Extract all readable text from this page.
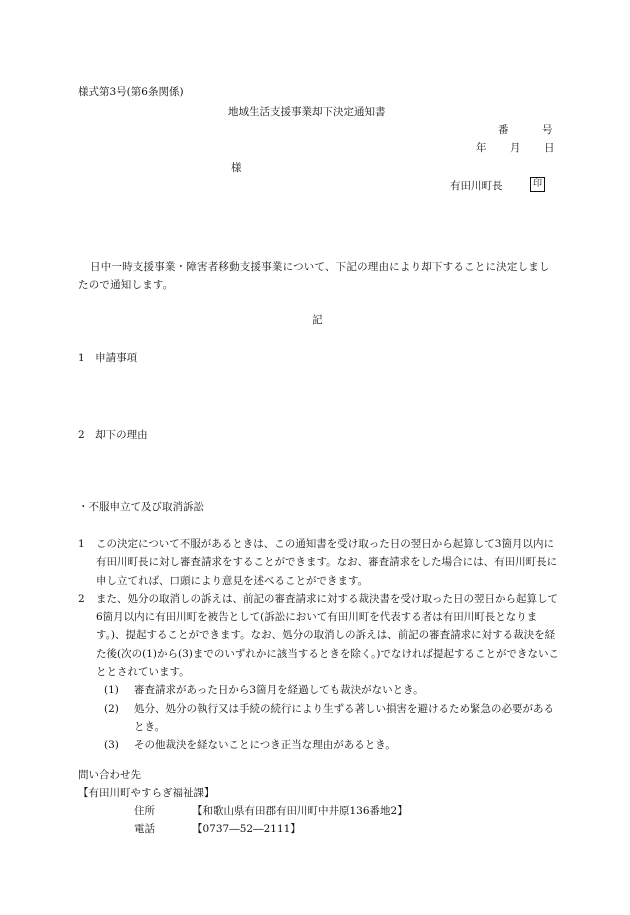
様式第3号(第6条関係)
地域生活支援事業却下決定通知書
番	号
年 月 日
様
有田川町長	印
日中一時支援事業・障害者移動支援事業について、下記の理由により却下することに決定しましたので通知します。
記
1　申請事項
2　却下の理由
・不服申立て及び取消訴訟
1	この決定について不服があるときは、この通知書を受け取った日の翌日から起算して3箇月以内に有田川町長に対し審査請求をすることができます。なお、審査請求をした場合には、有田川町長に申し立てれば、口頭により意見を述べることができます。
2	また、処分の取消しの訴えは、前記の審査請求に対する裁決書を受け取った日の翌日から起算して6箇月以内に有田川町を被告として(訴訟において有田川町を代表する者は有田川町長となります。)、提起することができます。なお、処分の取消しの訴えは、前記の審査請求に対する裁決を経た後(次の(1)から(3)までのいずれかに該当するときを除く。)でなければ提起することができないこととされています。
(1)	審査請求があった日から3箇月を経過しても裁決がないとき。
(2)	処分、処分の執行又は手続の続行により生ずる著しい損害を避けるため緊急の必要があるとき。
(3)	その他裁決を経ないことにつき正当な理由があるとき。
問い合わせ先
【有田川町やすらぎ福祉課】
住所	【和歌山県有田郡有田川町中井原136番地2】
電話	【0737―52―2111】
